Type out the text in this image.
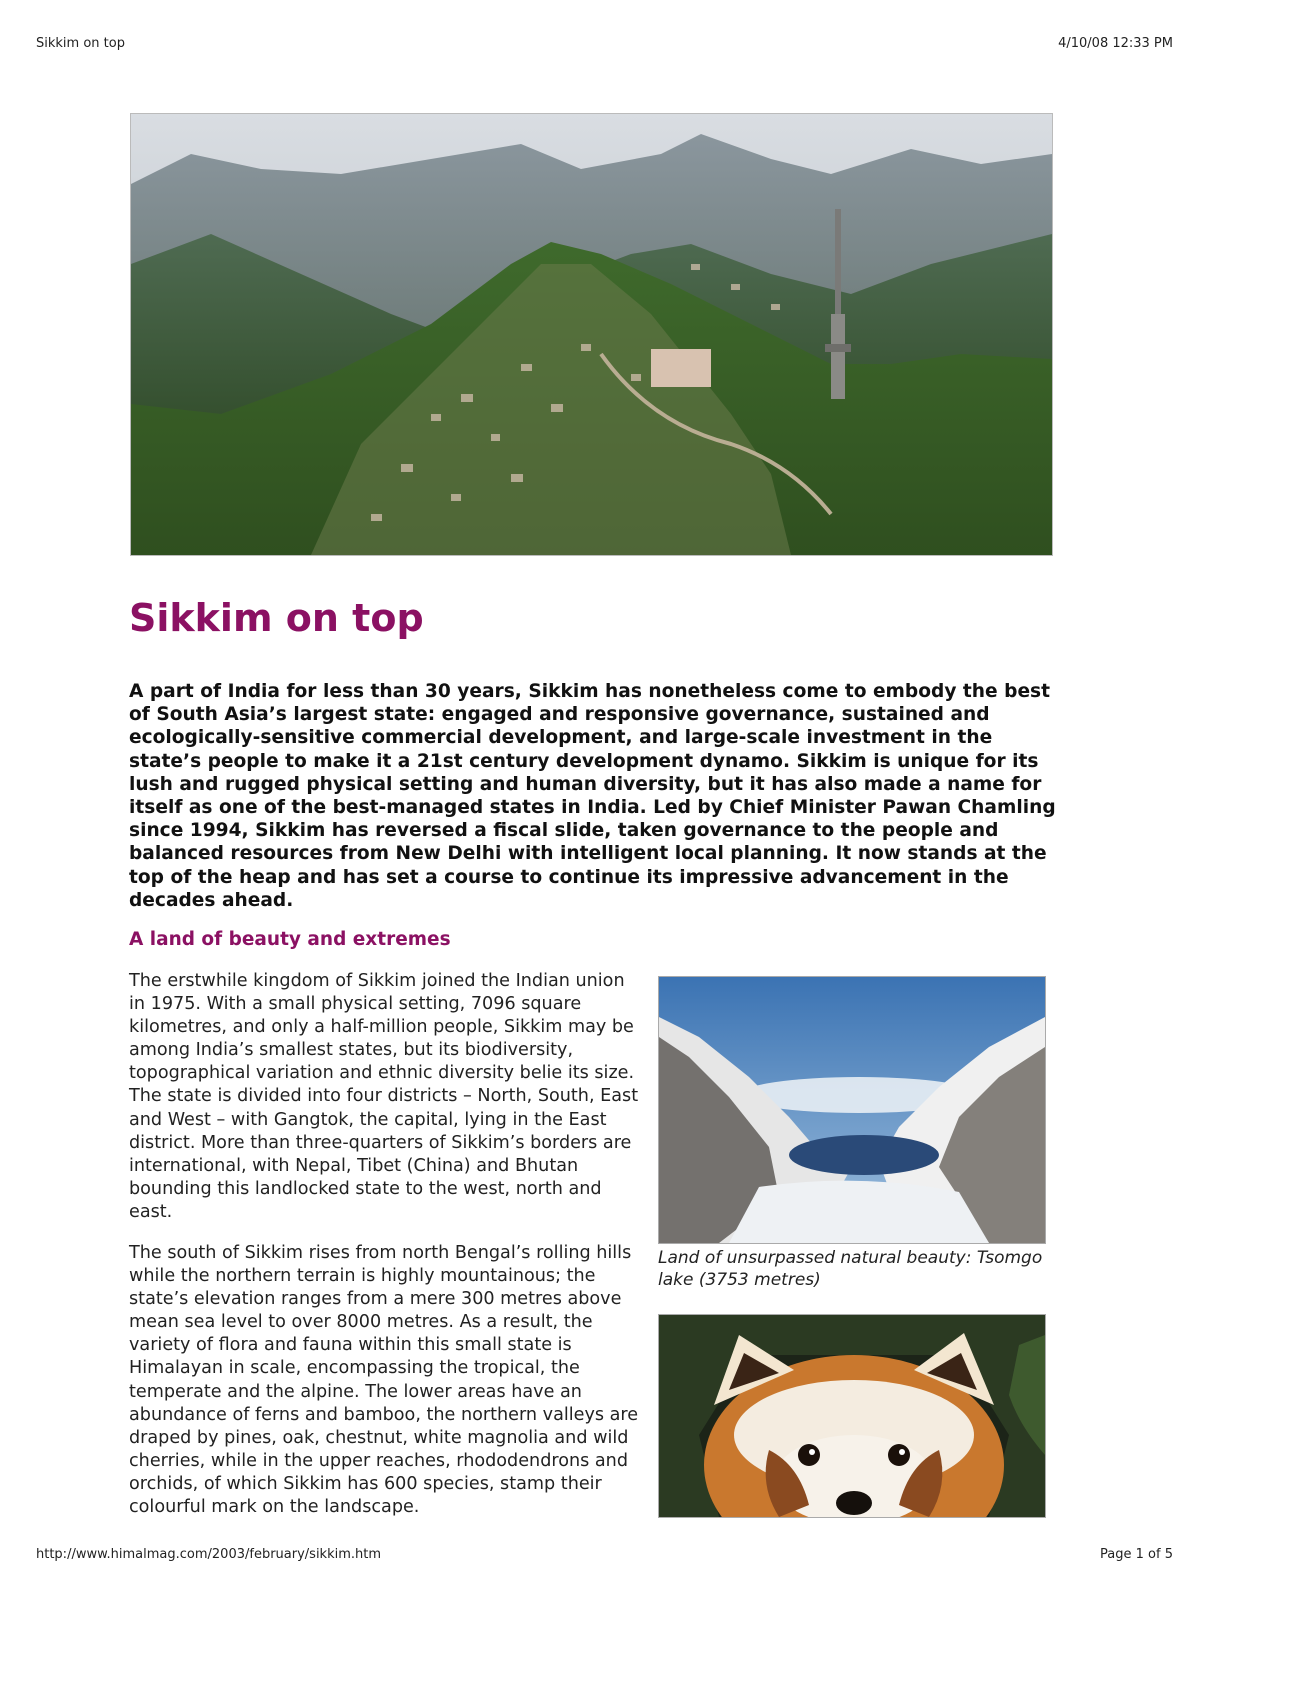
Sikkim on top	4/10/08 12:33 PM
Sikkim on top

A part of India for less than 30 years, Sikkim has nonetheless come to embody the best of South Asia’s largest state: engaged and responsive governance, sustained and ecologically-sensitive commercial development, and large-scale investment in the state’s people to make it a 21st century development dynamo. Sikkim is unique for its lush and rugged physical setting and human diversity, but it has also made a name for itself as one of the best-managed states in India. Led by Chief Minister Pawan Chamling since 1994, Sikkim has reversed a fiscal slide, taken governance to the people and balanced resources from New Delhi with intelligent local planning. It now stands at the top of the heap and has set a course to continue its impressive advancement in the decades ahead.

A land of beauty and extremes

The erstwhile kingdom of Sikkim joined the Indian union in 1975. With a small physical setting, 7096 square kilometres, and only a half-million people, Sikkim may be among India’s smallest states, but its biodiversity, topographical variation and ethnic diversity belie its size. The state is divided into four districts – North, South, East and West – with Gangtok, the capital, lying in the East district. More than three-quarters of Sikkim’s borders are international, with Nepal, Tibet (China) and Bhutan bounding this landlocked state to the west, north and east.

Land of unsurpassed natural beauty: Tsomgo lake (3753 metres)

The south of Sikkim rises from north Bengal’s rolling hills while the northern terrain is highly mountainous; the state’s elevation ranges from a mere 300 metres above mean sea level to over 8000 metres. As a result, the variety of flora and fauna within this small state is Himalayan in scale, encompassing the tropical, the temperate and the alpine. The lower areas have an abundance of ferns and bamboo, the northern valleys are draped by pines, oak, chestnut, white magnolia and wild cherries, while in the upper reaches, rhododendrons and orchids, of which Sikkim has 600 species, stamp their colourful mark on the landscape.

http://www.himalmag.com/2003/february/sikkim.htm	Page 1 of 5
